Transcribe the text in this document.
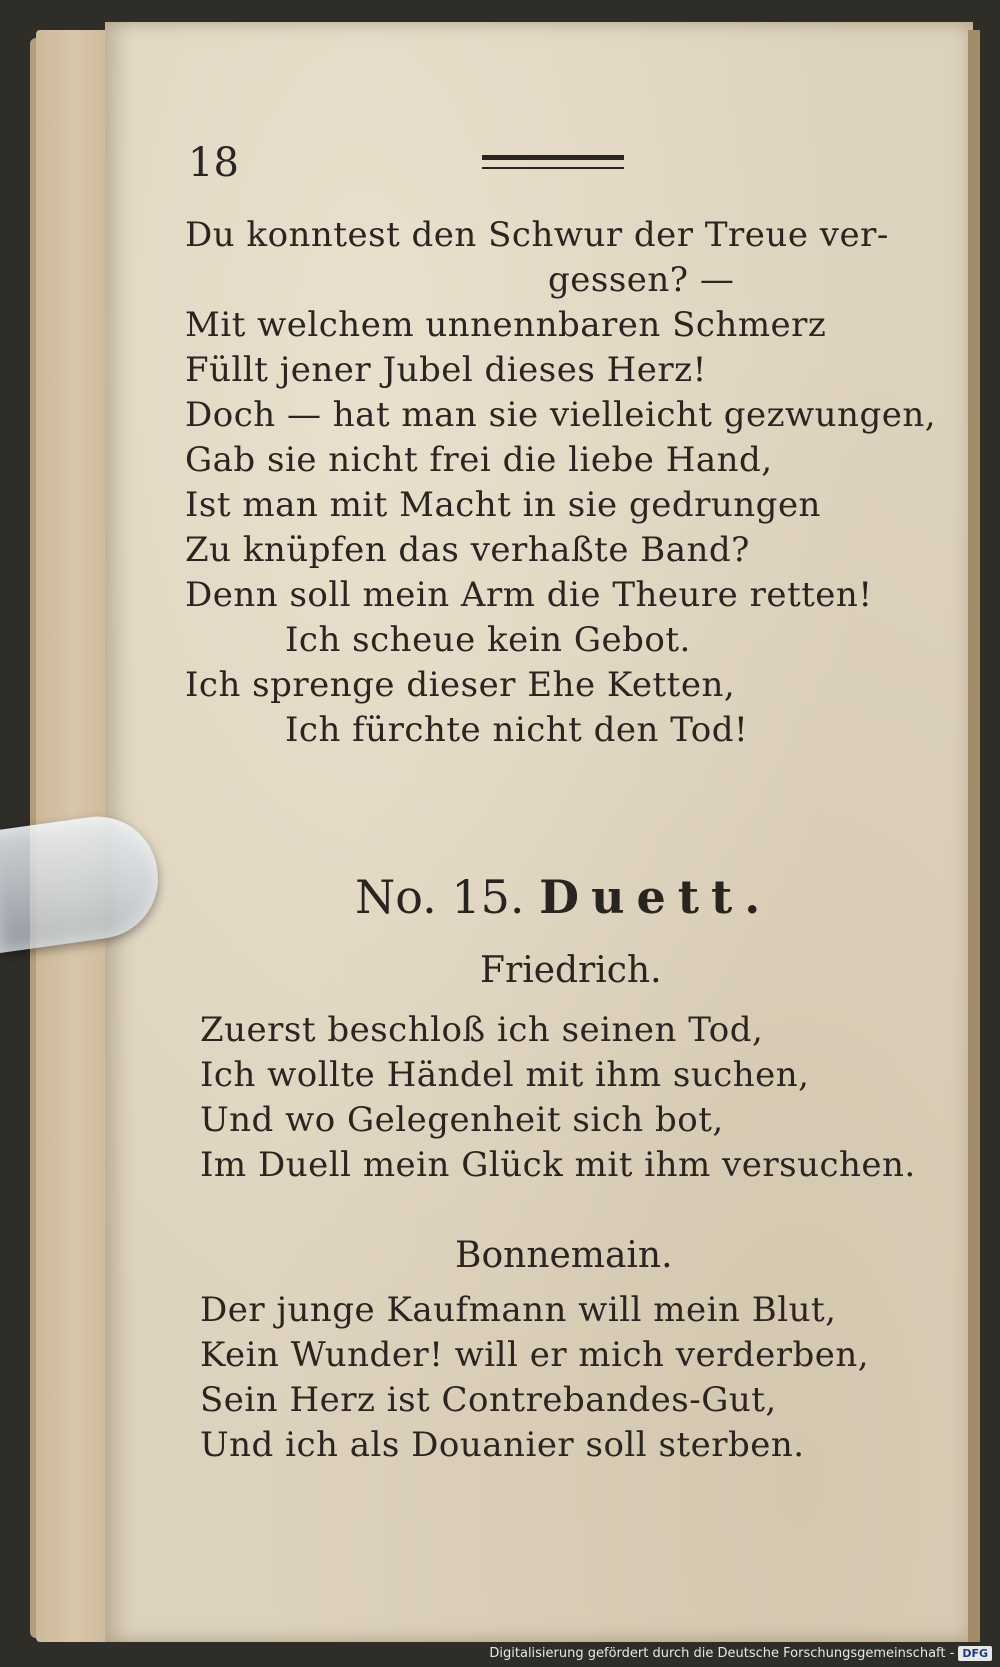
18
Du konntest den Schwur der Treue ver-
gessen? —
Mit welchem unnennbaren Schmerz
Füllt jener Jubel dieses Herz!
Doch — hat man sie vielleicht gezwungen,
Gab sie nicht frei die liebe Hand,
Ist man mit Macht in sie gedrungen
Zu knüpfen das verhaßte Band?
Denn soll mein Arm die Theure retten!
Ich scheue kein Gebot.
Ich sprenge dieser Ehe Ketten,
Ich fürchte nicht den Tod!
No. 15. Duett.
Friedrich.
Zuerst beschloß ich seinen Tod,
Ich wollte Händel mit ihm suchen,
Und wo Gelegenheit sich bot,
Im Duell mein Glück mit ihm versuchen.
Bonnemain.
Der junge Kaufmann will mein Blut,
Kein Wunder! will er mich verderben,
Sein Herz ist Contrebandes-Gut,
Und ich als Douanier soll sterben.
Digitalisierung gefördert durch die Deutsche Forschungsgemeinschaft - DFG
